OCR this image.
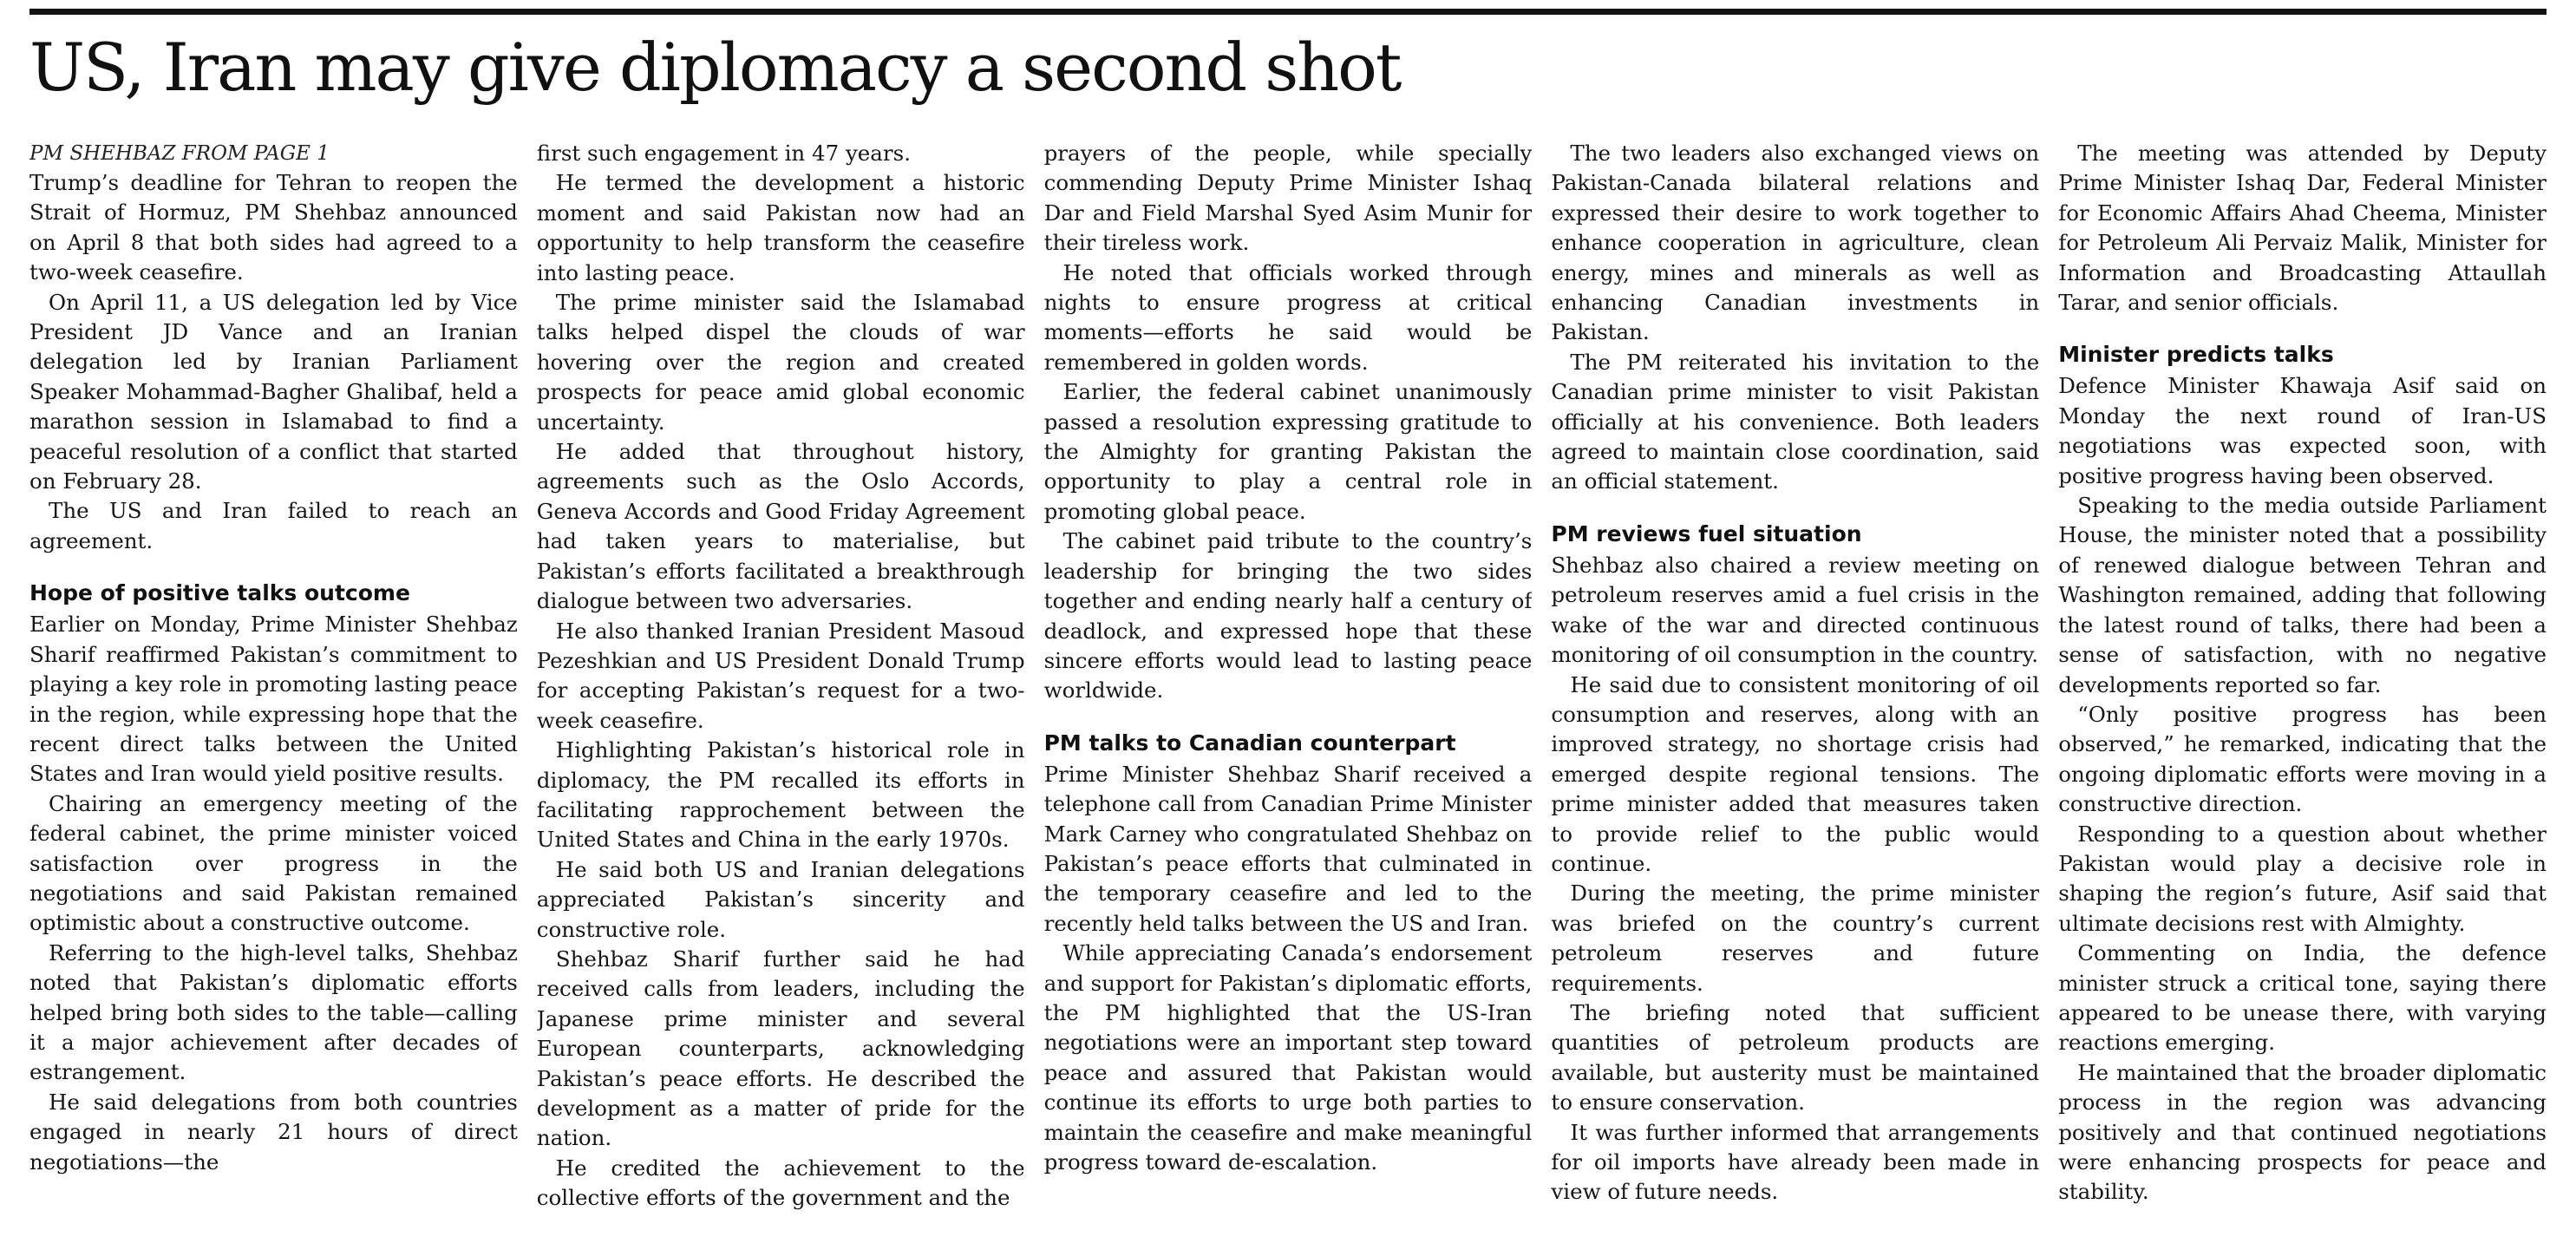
US, Iran may give diplomacy a second shot

PM SHEHBAZ FROM PAGE 1

Trump’s deadline for Tehran to reopen the Strait of Hormuz, PM Shehbaz announced on April 8 that both sides had agreed to a two-week ceasefire.

On April 11, a US delegation led by Vice President JD Vance and an Iranian delegation led by Iranian Parliament Speaker Mohammad-Bagher Ghalibaf, held a marathon session in Islamabad to find a peaceful resolution of a conflict that started on February 28.

The US and Iran failed to reach an agreement.

Hope of positive talks outcome

Earlier on Monday, Prime Minister Shehbaz Sharif reaffirmed Pakistan’s commitment to playing a key role in promoting lasting peace in the region, while expressing hope that the recent direct talks between the United States and Iran would yield positive results.

Chairing an emergency meeting of the federal cabinet, the prime minister voiced satisfaction over progress in the negotiations and said Pakistan remained optimistic about a constructive outcome.

Referring to the high-level talks, Shehbaz noted that Pakistan’s diplomatic efforts helped bring both sides to the table—calling it a major achievement after decades of estrangement.

He said delegations from both countries engaged in nearly 21 hours of direct negotiations—the

first such engagement in 47 years.

He termed the development a historic moment and said Pakistan now had an opportunity to help transform the ceasefire into lasting peace.

The prime minister said the Islamabad talks helped dispel the clouds of war hovering over the region and created prospects for peace amid global economic uncertainty.

He added that throughout history, agreements such as the Oslo Accords, Geneva Accords and Good Friday Agreement had taken years to materialise, but Pakistan’s efforts facilitated a breakthrough dialogue between two adversaries.

He also thanked Iranian President Masoud Pezeshkian and US President Donald Trump for accepting Pakistan’s request for a two-week ceasefire.

Highlighting Pakistan’s historical role in diplomacy, the PM recalled its efforts in facilitating rapprochement between the United States and China in the early 1970s.

He said both US and Iranian delegations appreciated Pakistan’s sincerity and constructive role.

Shehbaz Sharif further said he had received calls from leaders, including the Japanese prime minister and several European counterparts, acknowledging Pakistan’s peace efforts. He described the development as a matter of pride for the nation.

He credited the achievement to the collective efforts of the government and the

prayers of the people, while specially commending Deputy Prime Minister Ishaq Dar and Field Marshal Syed Asim Munir for their tireless work.

He noted that officials worked through nights to ensure progress at critical moments—efforts he said would be remembered in golden words.

Earlier, the federal cabinet unanimously passed a resolution expressing gratitude to the Almighty for granting Pakistan the opportunity to play a central role in promoting global peace.

The cabinet paid tribute to the country’s leadership for bringing the two sides together and ending nearly half a century of deadlock, and expressed hope that these sincere efforts would lead to lasting peace worldwide.

PM talks to Canadian counterpart

Prime Minister Shehbaz Sharif received a telephone call from Canadian Prime Minister Mark Carney who congratulated Shehbaz on Pakistan’s peace efforts that culminated in the temporary ceasefire and led to the recently held talks between the US and Iran.

While appreciating Canada’s endorsement and support for Pakistan’s diplomatic efforts, the PM highlighted that the US-Iran negotiations were an important step toward peace and assured that Pakistan would continue its efforts to urge both parties to maintain the ceasefire and make meaningful progress toward de-escalation.

The two leaders also exchanged views on Pakistan-Canada bilateral relations and expressed their desire to work together to enhance cooperation in agriculture, clean energy, mines and minerals as well as enhancing Canadian investments in Pakistan.

The PM reiterated his invitation to the Canadian prime minister to visit Pakistan officially at his convenience. Both leaders agreed to maintain close coordination, said an official statement.

PM reviews fuel situation

Shehbaz also chaired a review meeting on petroleum reserves amid a fuel crisis in the wake of the war and directed continuous monitoring of oil consumption in the country.

He said due to consistent monitoring of oil consumption and reserves, along with an improved strategy, no shortage crisis had emerged despite regional tensions. The prime minister added that measures taken to provide relief to the public would continue.

During the meeting, the prime minister was briefed on the country’s current petroleum reserves and future requirements.

The briefing noted that sufficient quantities of petroleum products are available, but austerity must be maintained to ensure conservation.

It was further informed that arrangements for oil imports have already been made in view of future needs.

The meeting was attended by Deputy Prime Minister Ishaq Dar, Federal Minister for Economic Affairs Ahad Cheema, Minister for Petroleum Ali Pervaiz Malik, Minister for Information and Broadcasting Attaullah Tarar, and senior officials.

Minister predicts talks

Defence Minister Khawaja Asif said on Monday the next round of Iran-US negotiations was expected soon, with positive progress having been observed.

Speaking to the media outside Parliament House, the minister noted that a possibility of renewed dialogue between Tehran and Washington remained, adding that following the latest round of talks, there had been a sense of satisfaction, with no negative developments reported so far.

“Only positive progress has been observed,” he remarked, indicating that the ongoing diplomatic efforts were moving in a constructive direction.

Responding to a question about whether Pakistan would play a decisive role in shaping the region’s future, Asif said that ultimate decisions rest with Almighty.

Commenting on India, the defence minister struck a critical tone, saying there appeared to be unease there, with varying reactions emerging.

He maintained that the broader diplomatic process in the region was advancing positively and that continued negotiations were enhancing prospects for peace and stability.
